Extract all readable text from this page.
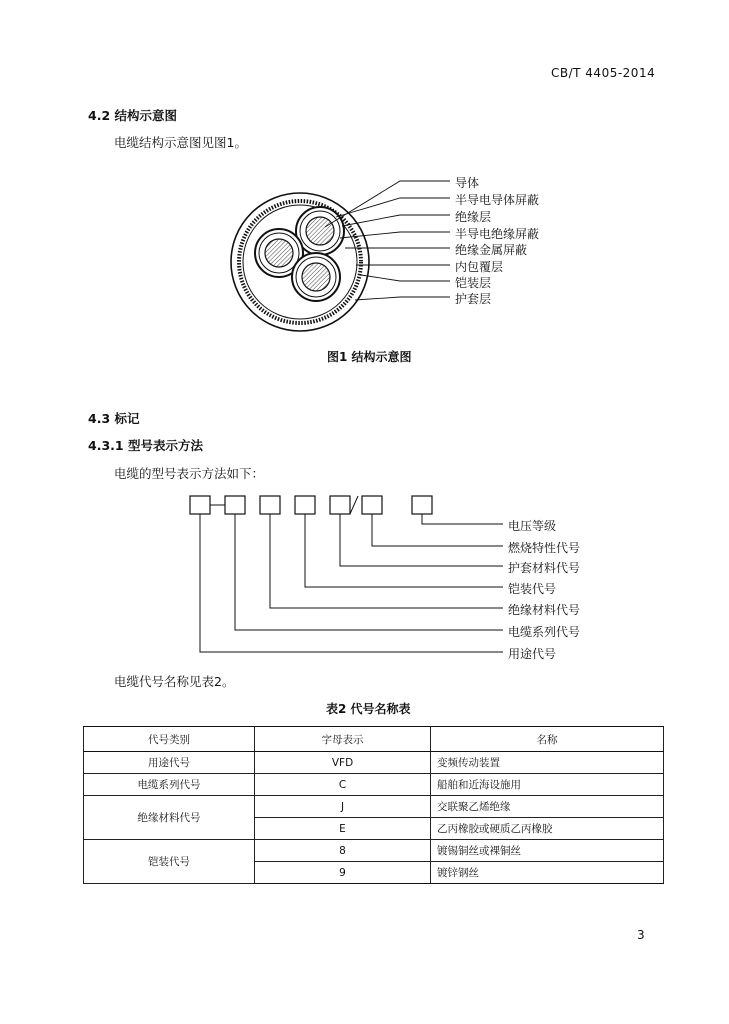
CB/T 4405-2014
4.2 结构示意图
电缆结构示意图见图1。
导体
半导电导体屏蔽
绝缘层
半导电绝缘屏蔽
绝缘金属屏蔽
内包覆层
铠装层
护套层
图1 结构示意图
4.3 标记
4.3.1 型号表示方法
电缆的型号表示方法如下：
电压等级
燃烧特性代号
护套材料代号
铠装代号
绝缘材料代号
电缆系列代号
用途代号
电缆代号名称见表2。
表2 代号名称表
代号类别	字母表示	名称
用途代号	VFD	变频传动装置
电缆系列代号	C	船舶和近海设施用
绝缘材料代号	J	交联聚乙烯绝缘
	E	乙丙橡胶或硬质乙丙橡胶
铠装代号	8	镀锡铜丝或裸铜丝
	9	镀锌钢丝
3
